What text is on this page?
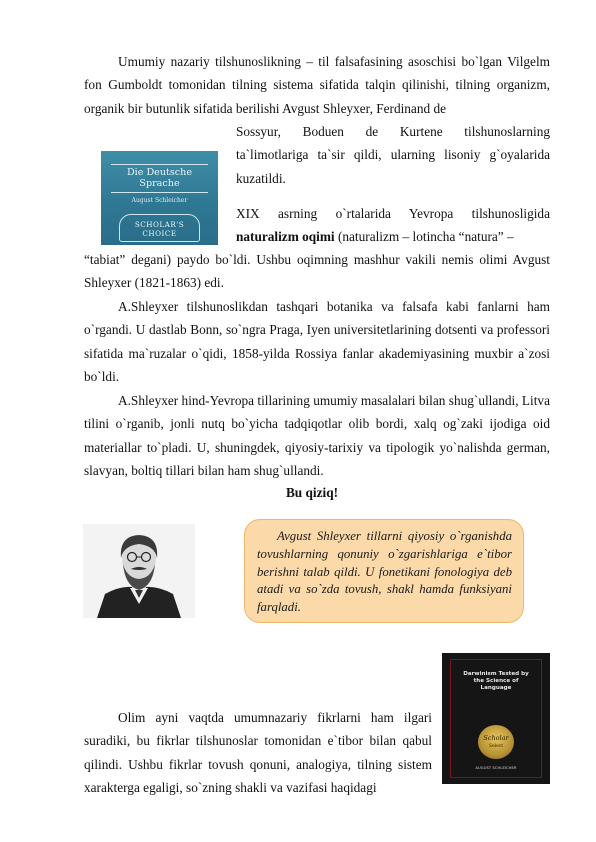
Umumiy nazariy tilshunoslikning – til falsafasining asoschisi bo`lgan Vilgelm fon Gumboldt tomonidan tilning sistema sifatida talqin qilinishi, tilning organizm, organik bir butunlik sifatida berilishi Avgust Shleyxer, Ferdinand de

Die Deutsche
Sprache
August Schleicher
SCHOLAR'S
CHOICE

Sossyur, Boduen de Kurtene tilshunoslarning ta`limotlariga ta`sir qildi, ularning lisoniy g`oyalarida kuzatildi.

XIX asrning o`rtalarida Yevropa tilshunosligida naturalizm oqimi (naturalizm – lotincha “natura” –

“tabiat” degani) paydo bo`ldi. Ushbu oqimning mashhur vakili nemis olimi Avgust Shleyxer (1821-1863) edi.

A.Shleyxer tilshunoslikdan tashqari botanika va falsafa kabi fanlarni ham o`rgandi. U dastlab Bonn, so`ngra Praga, Iyen universitetlarining dotsenti va professori sifatida ma`ruzalar o`qidi, 1858-yilda Rossiya fanlar akademiyasining muxbir a`zosi bo`ldi.

A.Shleyxer hind-Yevropa tillarining umumiy masalalari bilan shug`ullandi, Litva tilini o`rganib, jonli nutq bo`yicha tadqiqotlar olib bordi, xalq og`zaki ijodiga oid materiallar to`pladi. U, shuningdek, qiyosiy-tarixiy va tipologik yo`nalishda german, slavyan, boltiq tillari bilan ham shug`ullandi.

Bu qiziq!

Avgust Shleyxer tillarni qiyosiy o`rganishda tovushlarning qonuniy o`zgarishlariga e`tibor berishni talab qildi. U fonetikani fonologiya deb atadi va so`zda tovush, shakl hamda funksiyani farqladi.

Darwinism Tested by
the Science of
Language
Scholar
Select
AUGUST SCHLEICHER

Olim ayni vaqtda umumnazariy fikrlarni ham ilgari suradiki, bu fikrlar tilshunoslar tomonidan e`tibor bilan qabul qilindi. Ushbu fikrlar tovush qonuni, analogiya, tilning sistem xarakterga egaligi, so`zning shakli va vazifasi haqidagi
